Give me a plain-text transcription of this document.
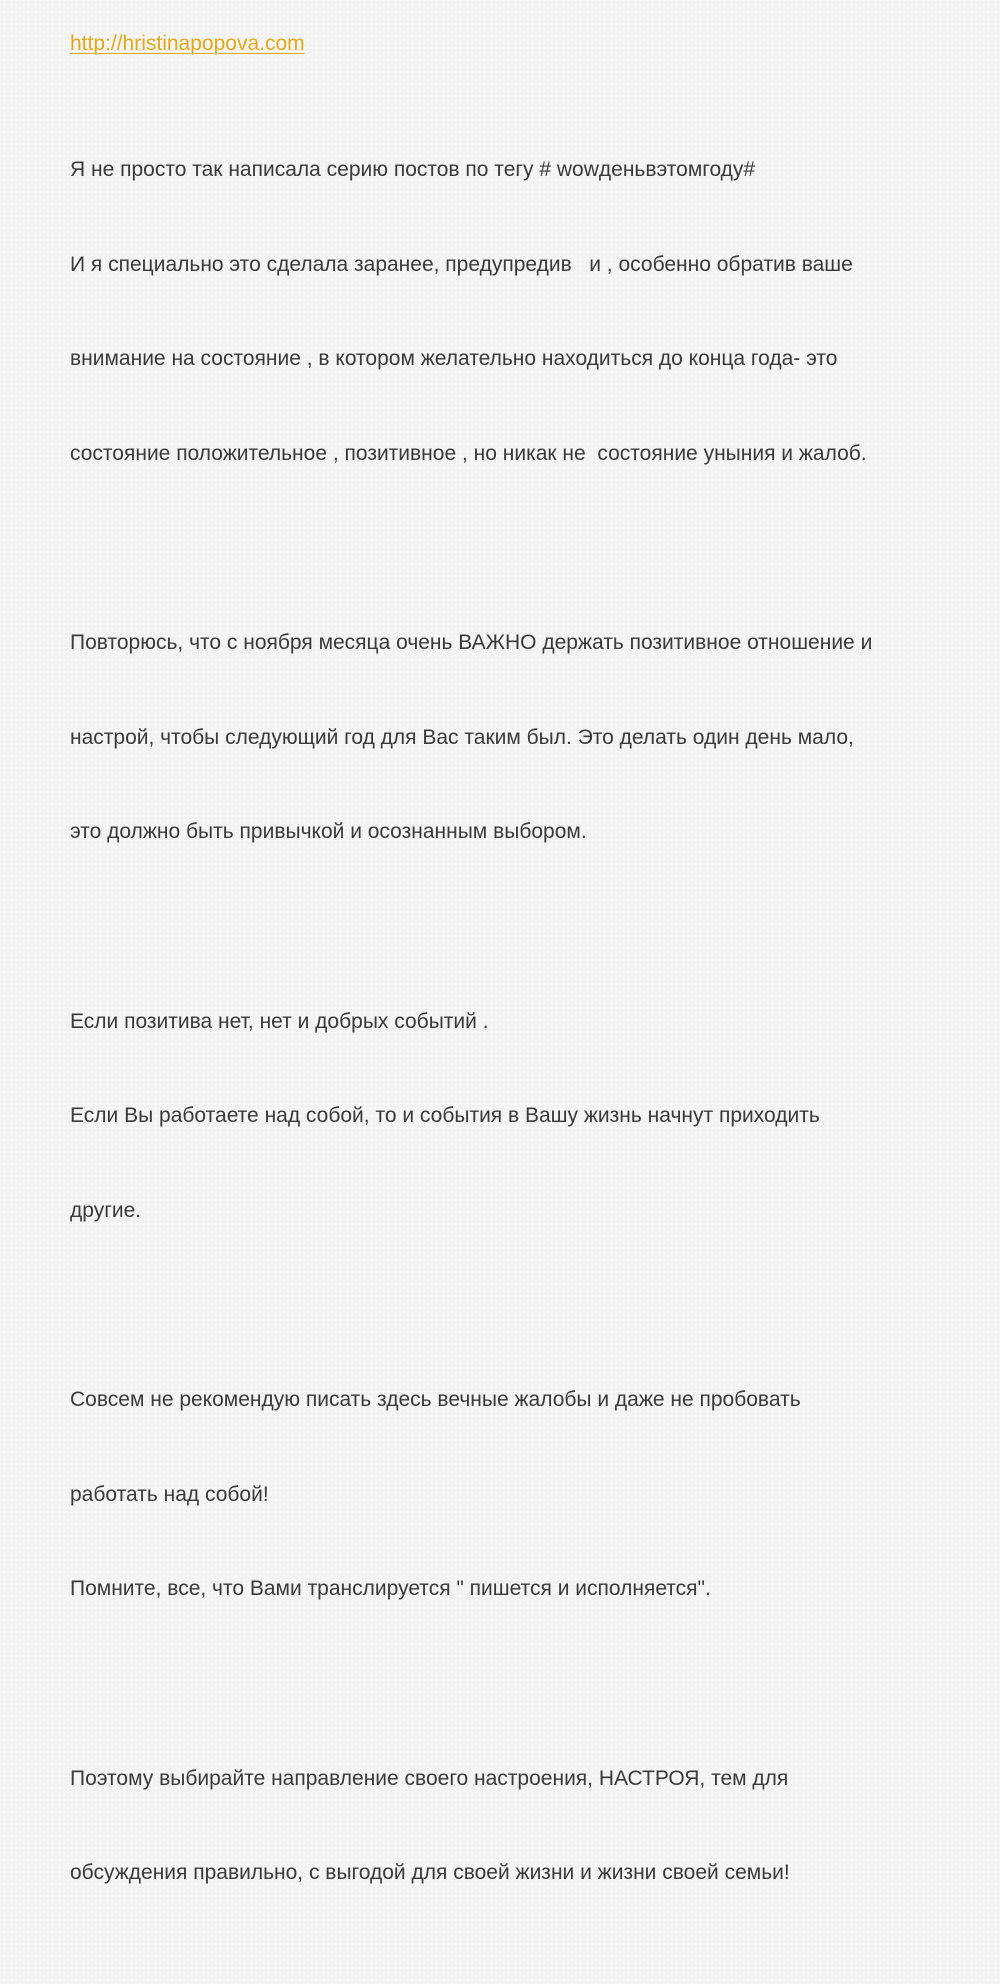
http://hristinapopova.com

Я не просто так написала серию постов по тегу # wowденьвэтомгоду#

И я специально это сделала заранее, предупредив   и , особенно обратив ваше

внимание на состояние , в котором желательно находиться до конца года- это

состояние положительное , позитивное , но никак не  состояние уныния и жалоб.

Повторюсь, что с ноября месяца очень ВАЖНО держать позитивное отношение и

настрой, чтобы следующий год для Вас таким был. Это делать один день мало,

это должно быть привычкой и осознанным выбором.

Если позитива нет, нет и добрых событий .

Если Вы работаете над собой, то и события в Вашу жизнь начнут приходить

другие.

Совсем не рекомендую писать здесь вечные жалобы и даже не пробовать

работать над собой!

Помните, все, что Вами транслируется " пишется и исполняется".

Поэтому выбирайте направление своего настроения, НАСТРОЯ, тем для

обсуждения правильно, с выгодой для своей жизни и жизни своей семьи!
